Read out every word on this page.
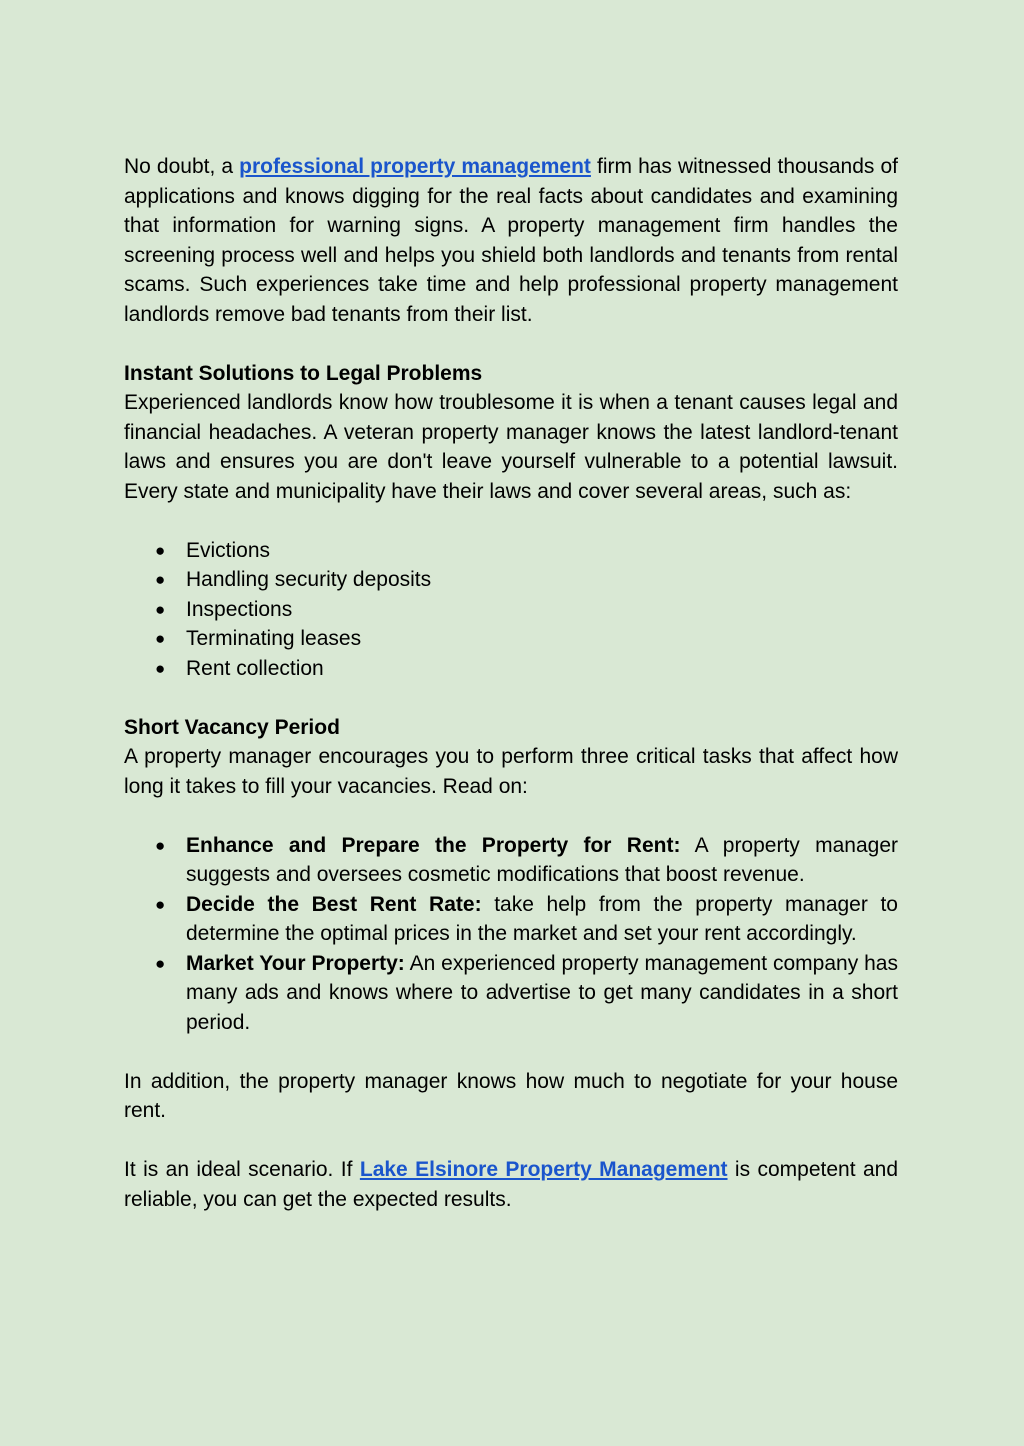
No doubt, a professional property management firm has witnessed thousands of applications and knows digging for the real facts about candidates and examining that information for warning signs. A property management firm handles the screening process well and helps you shield both landlords and tenants from rental scams. Such experiences take time and help professional property management landlords remove bad tenants from their list.

Instant Solutions to Legal Problems

Experienced landlords know how troublesome it is when a tenant causes legal and financial headaches. A veteran property manager knows the latest landlord-tenant laws and ensures you are don't leave yourself vulnerable to a potential lawsuit. Every state and municipality have their laws and cover several areas, such as:

● Evictions
● Handling security deposits
● Inspections
● Terminating leases
● Rent collection
Short Vacancy Period

A property manager encourages you to perform three critical tasks that affect how long it takes to fill your vacancies. Read on:

● Enhance and Prepare the Property for Rent: A property manager suggests and oversees cosmetic modifications that boost revenue.
● Decide the Best Rent Rate: take help from the property manager to determine the optimal prices in the market and set your rent accordingly.
● Market Your Property: An experienced property management company has many ads and knows where to advertise to get many candidates in a short period.

In addition, the property manager knows how much to negotiate for your house rent.

It is an ideal scenario. If Lake Elsinore Property Management is competent and reliable, you can get the expected results.
